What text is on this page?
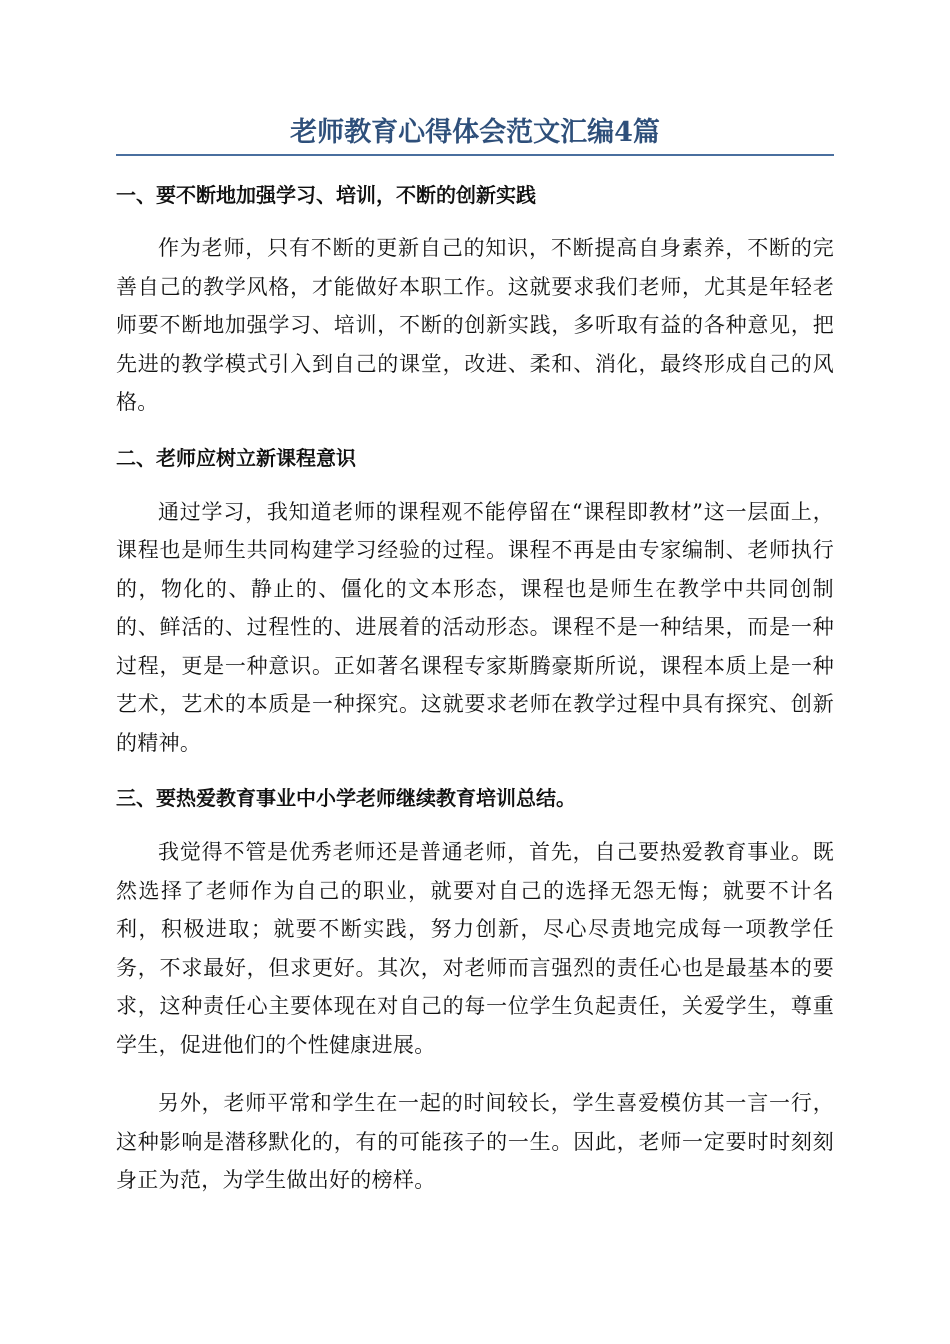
老师教育心得体会范文汇编4篇
一、要不断地加强学习、培训，不断的创新实践

作为老师，只有不断的更新自己的知识，不断提高自身素养，不断的完善自己的教学风格，才能做好本职工作。这就要求我们老师，尤其是年轻老师要不断地加强学习、培训，不断的创新实践，多听取有益的各种意见，把先进的教学模式引入到自己的课堂，改进、柔和、消化，最终形成自己的风格。

二、老师应树立新课程意识

通过学习，我知道老师的课程观不能停留在“课程即教材”这一层面上，课程也是师生共同构建学习经验的过程。课程不再是由专家编制、老师执行的，物化的、静止的、僵化的文本形态，课程也是师生在教学中共同创制的、鲜活的、过程性的、进展着的活动形态。课程不是一种结果，而是一种过程，更是一种意识。正如著名课程专家斯腾豪斯所说，课程本质上是一种艺术，艺术的本质是一种探究。这就要求老师在教学过程中具有探究、创新的精神。

三、要热爱教育事业中小学老师继续教育培训总结。

我觉得不管是优秀老师还是普通老师，首先，自己要热爱教育事业。既然选择了老师作为自己的职业，就要对自己的选择无怨无悔；就要不计名利，积极进取；就要不断实践，努力创新，尽心尽责地完成每一项教学任务，不求最好，但求更好。其次，对老师而言强烈的责任心也是最基本的要求，这种责任心主要体现在对自己的每一位学生负起责任，关爱学生，尊重学生，促进他们的个性健康进展。

另外，老师平常和学生在一起的时间较长，学生喜爱模仿其一言一行，这种影响是潜移默化的，有的可能孩子的一生。因此，老师一定要时时刻刻身正为范，为学生做出好的榜样。
